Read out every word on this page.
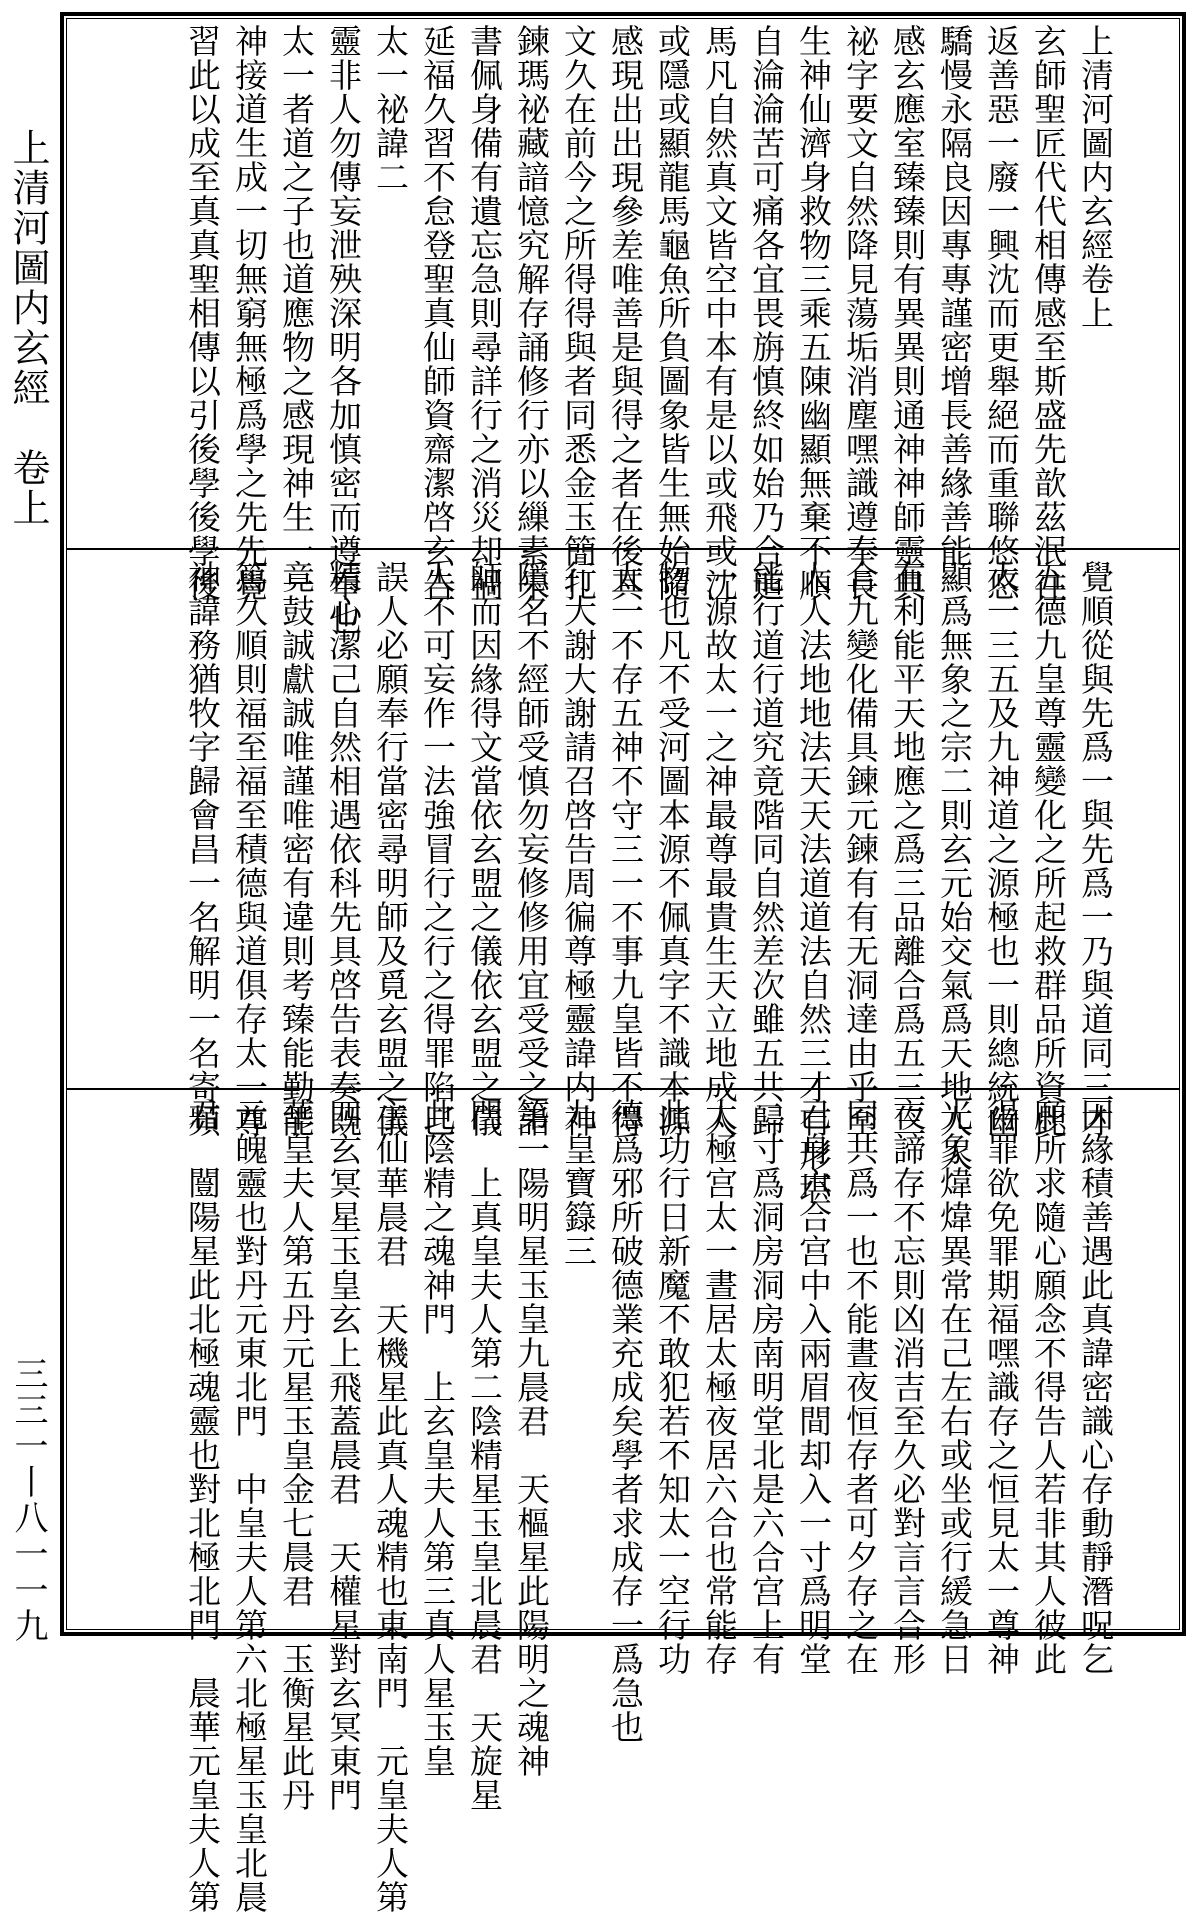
上清河圖内玄經　卷上
三三一丨八一一九
上清河圖内玄經卷上
玄師聖匠代代相傳感至斯盛先歆茲泯往
返善惡一廢一興沈而更舉絕而重聯悠悠
驕慢永隔良因專專謹密增長善緣善能
感玄應室臻臻則有異異則通神神師靈典
祕字要文自然降見蕩垢消塵嘿識遵奉長
生神仙濟身救物三乘五陳幽顯無棄不順
自淪淪苦可痛各宜畏旃慎終如始乃合道
馬凡自然真文皆空中本有是以或飛或沈
或隱或顯龍馬龜魚所負圖象皆生無始隨
感現出出現參差唯善是與得之者在後其
文久在前今之所得得與者同悉金玉簡扎
鍊瑪祕藏諳憶究解存誦修行亦以繅素朱
書佩身備有遺忘急則尋詳行之消災却禍
延福久習不怠登聖真仙師資齋潔啓玄告
太一祕諱二
靈非人勿傳妄泄殃深明各加慎密而遵奉也
太一者道之子也道應物之感現神生一一
神接道生成一切無窮無極爲學之先先覺
習此以成至真真聖相傳以引後學後學後
覺順從與先爲一與先爲一乃與道同三才
五德九皇尊靈變化之所起救群品所資此
太一三五及九神道之源極也一則總統幽
顯爲無象之宗二則玄元始交氣爲天地人人
有利能平天地應之爲三品離合爲五三三
合九變化備具鍊元鍊有有无洞達由乎至
人人法地地法天天法道道法自然三才有形堪
能行道行道究竟階同自然差次雖五共歸
一源故太一之神最尊最貴生天立地成人
物也凡不受河圖本源不佩真字不識本源
太一不存五神不守三一不事九皇皆不得
行大謝大謝請召啓告周徧尊極靈諱内神
隱名不經師受慎勿妄修修用宜受受之詣
師而因緣得文當依玄盟之儀依玄盟之儀
人不可妄作一法強冒行之行之得罪陷己
誤人必願奉行當密尋明師及覓玄盟之儀
精心潔己自然相遇依科先具啓告表奏既
竟鼓誠獻誠唯謹唯密有違則考臻能勤能
篤久順則福至福至積德與道俱存太一尊
神諱務猶牧字歸會昌一名解明一名寄頻
因緣積善遇此真諱密識心存動靜潛呪乞
願所求隨心願念不得告人若非其人彼此
得罪欲免罪期福嘿識存之恒見太一尊神
光象煒煒異常在己左右或坐或行緩急日
夜諦存不忘則凶消吉至久必對言言合形
同共爲一也不能晝夜恒存者可夕存之在
己身六合宫中入兩眉間却入一寸爲明堂
二寸爲洞房洞房南明堂北是六合宫上有
太極宫太一晝居太極夜居六合也常能存
此功行日新魔不敢犯若不知太一空行功
德爲邪所破德業充成矣學者求成存一爲急也
九皇寶籙三
第一陽明星玉皇九晨君　天樞星此陽明之魂神
門　上真皇夫人第二陰精星玉皇北晨君　天旋星
此陰精之魂神門　上玄皇夫人第三真人星玉皇
主仙華晨君　天機星此真人魂精也東南門　元皇夫人第
四玄冥星玉皇玄上飛蓋晨君　天權星對玄冥東門
華皇夫人第五丹元星玉皇金七晨君　玉衡星此丹
元魄靈也對丹元東北門　中皇夫人第六北極星玉皇北晨
君　闓陽星此北極魂靈也對北極北門　晨華元皇夫人第
